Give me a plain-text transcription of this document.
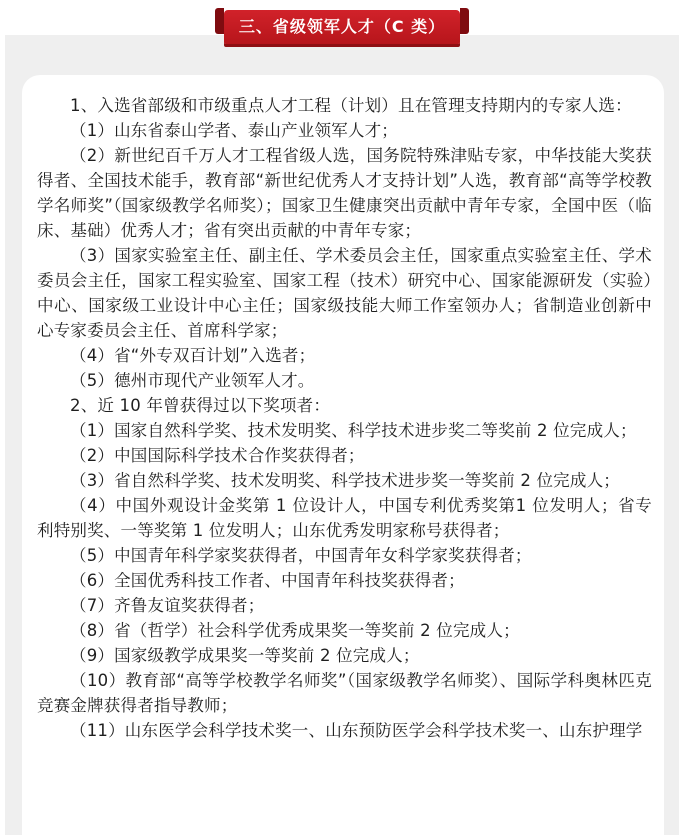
三、省级领军人才（C 类）

1、入选省部级和市级重点人才工程（计划）且在管理支持期内的专家人选：

（1）山东省泰山学者、泰山产业领军人才；

（2）新世纪百千万人才工程省级人选，国务院特殊津贴专家，中华技能大奖获得者、全国技术能手，教育部“新世纪优秀人才支持计划”人选，教育部“高等学校教学名师奖”（国家级教学名师奖）；国家卫生健康突出贡献中青年专家，全国中医（临床、基础）优秀人才；省有突出贡献的中青年专家；

（3）国家实验室主任、副主任、学术委员会主任，国家重点实验室主任、学术委员会主任，国家工程实验室、国家工程（技术）研究中心、国家能源研发（实验）中心、国家级工业设计中心主任；国家级技能大师工作室领办人；省制造业创新中心专家委员会主任、首席科学家；

（4）省“外专双百计划”入选者；

（5）德州市现代产业领军人才。

2、近 10 年曾获得过以下奖项者：

（1）国家自然科学奖、技术发明奖、科学技术进步奖二等奖前 2 位完成人；

（2）中国国际科学技术合作奖获得者；

（3）省自然科学奖、技术发明奖、科学技术进步奖一等奖前 2 位完成人；

（4）中国外观设计金奖第 1 位设计人，中国专利优秀奖第1 位发明人；省专利特别奖、一等奖第 1 位发明人；山东优秀发明家称号获得者；

（5）中国青年科学家奖获得者，中国青年女科学家奖获得者；

（6）全国优秀科技工作者、中国青年科技奖获得者；

（7）齐鲁友谊奖获得者；

（8）省（哲学）社会科学优秀成果奖一等奖前 2 位完成人；

（9）国家级教学成果奖一等奖前 2 位完成人；

（10）教育部“高等学校教学名师奖”（国家级教学名师奖）、国际学科奥林匹克竞赛金牌获得者指导教师；

（11）山东医学会科学技术奖一、山东预防医学会科学技术奖一、山东护理学
